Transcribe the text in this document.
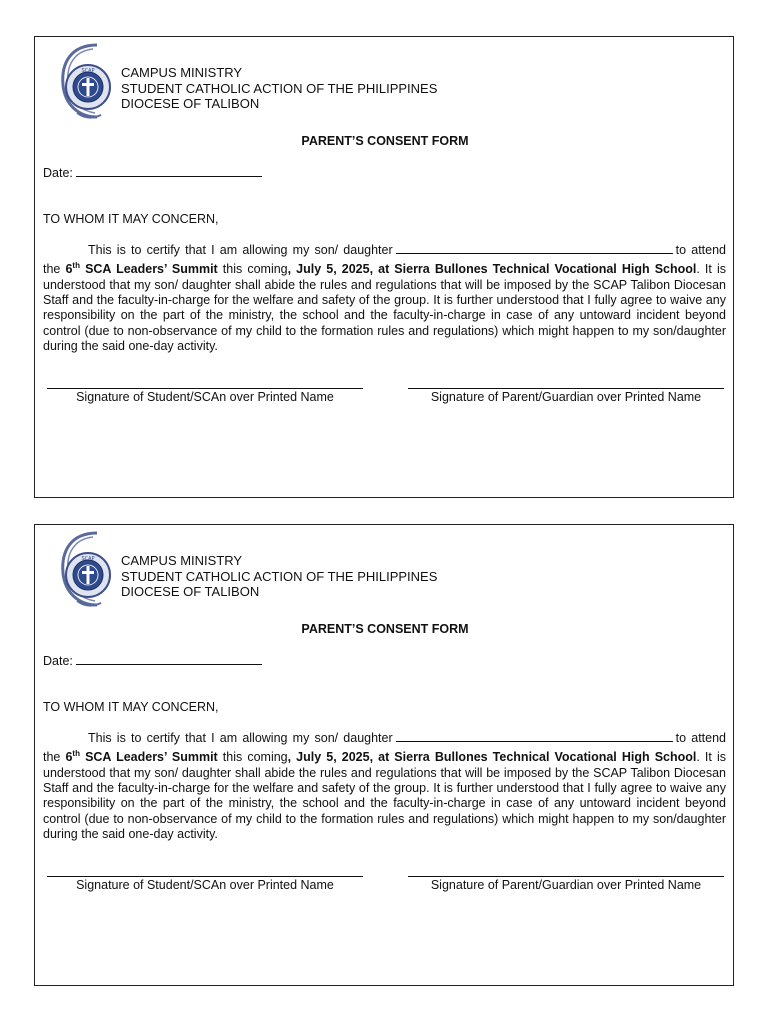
SCAP CAMPUS MINISTRY
STUDENT CATHOLIC ACTION OF THE PHILIPPINES
DIOCESE OF TALIBON
PARENT’S CONSENT FORM
Date:
TO WHOM IT MAY CONCERN,
This is to certify that I am allowing my son/ daughter	to attend the 6th SCA Leaders’ Summit this coming, July 5, 2025, at Sierra Bullones Technical Vocational High School. It is understood that my son/ daughter shall abide the rules and regulations that will be imposed by the SCAP Talibon Diocesan Staff and the faculty-in-charge for the welfare and safety of the group. It is further understood that I fully agree to waive any responsibility on the part of the ministry, the school and the faculty-in-charge in case of any untoward incident beyond control (due to non-observance of my child to the formation rules and regulations) which might happen to my son/daughter during the said one-day activity.
Signature of Student/SCAn over Printed Name	Signature of Parent/Guardian over Printed Name
SCAP CAMPUS MINISTRY
STUDENT CATHOLIC ACTION OF THE PHILIPPINES
DIOCESE OF TALIBON
PARENT’S CONSENT FORM
Date:
TO WHOM IT MAY CONCERN,
This is to certify that I am allowing my son/ daughter	to attend the 6th SCA Leaders’ Summit this coming, July 5, 2025, at Sierra Bullones Technical Vocational High School. It is understood that my son/ daughter shall abide the rules and regulations that will be imposed by the SCAP Talibon Diocesan Staff and the faculty-in-charge for the welfare and safety of the group. It is further understood that I fully agree to waive any responsibility on the part of the ministry, the school and the faculty-in-charge in case of any untoward incident beyond control (due to non-observance of my child to the formation rules and regulations) which might happen to my son/daughter during the said one-day activity.
Signature of Student/SCAn over Printed Name	Signature of Parent/Guardian over Printed Name
